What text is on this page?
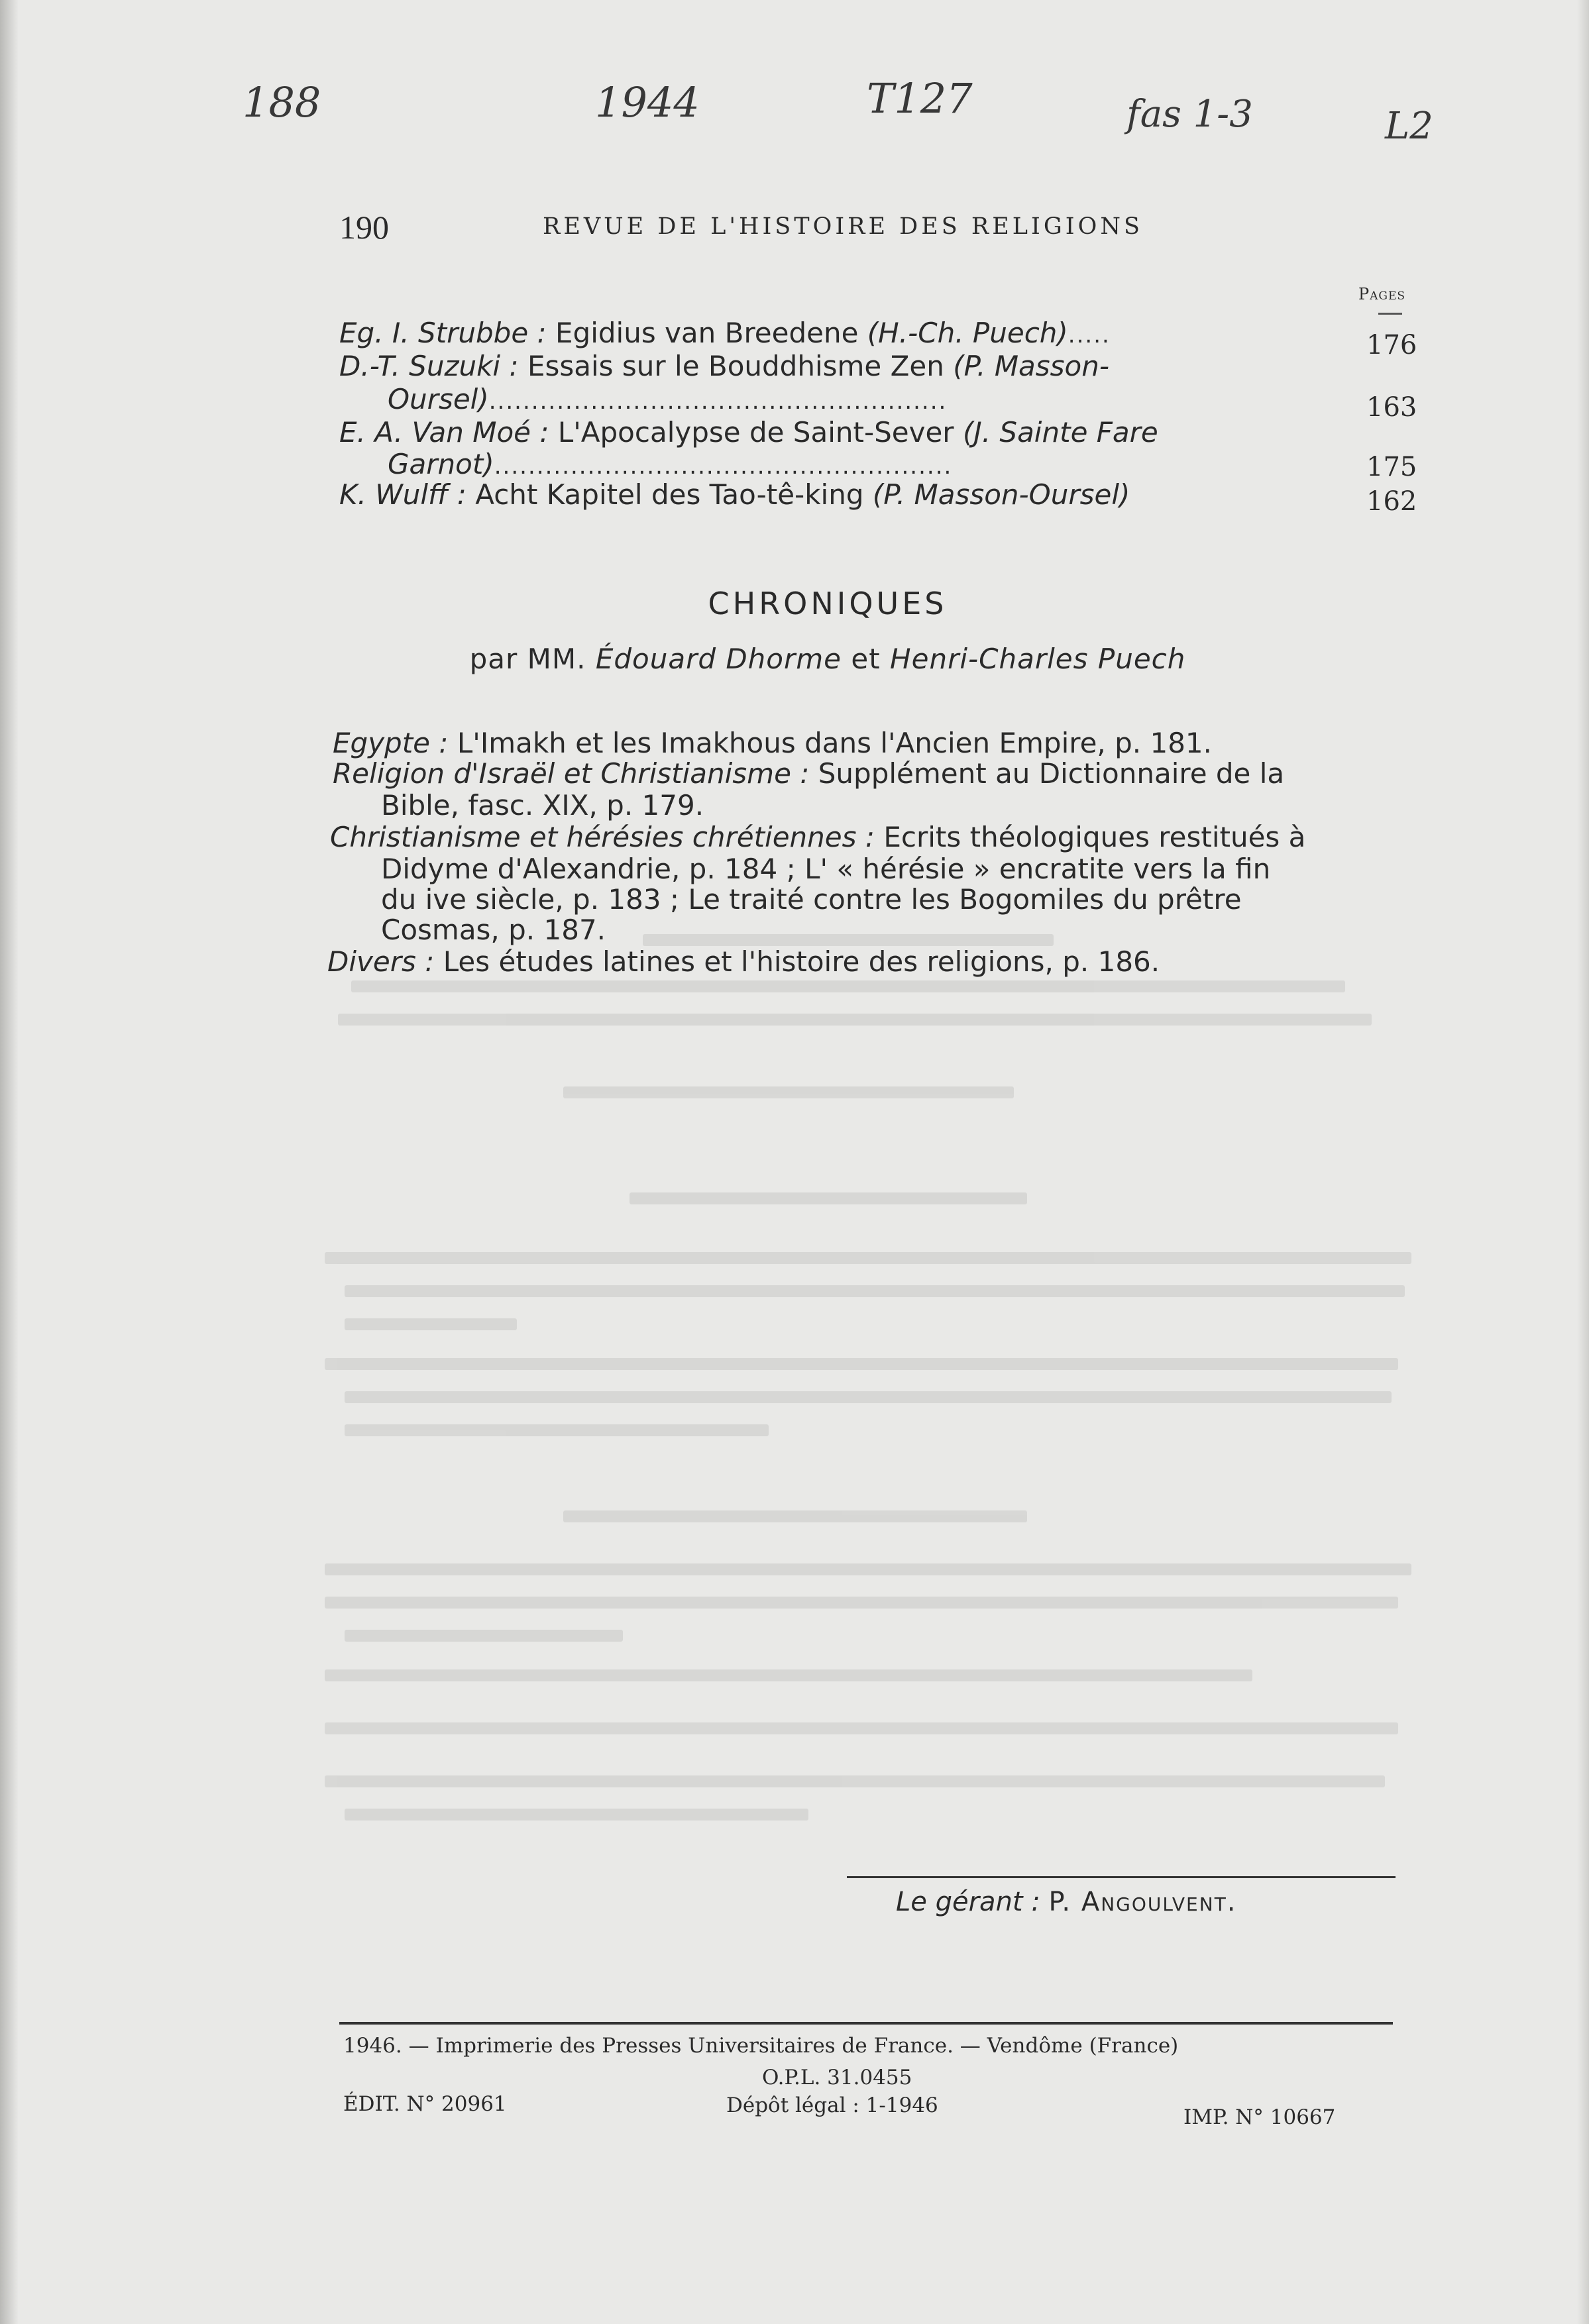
188	1944	T127	fas 1-3	L2
190	REVUE DE L'HISTOIRE DES RELIGIONS
Pages
Eg. I. Strubbe : Egidius van Breedene (H.-Ch. Puech).....	176
D.-T. Suzuki : Essais sur le Bouddhisme Zen (P. Masson-
Oursel)......................................................	163
E. A. Van Moé : L'Apocalypse de Saint-Sever (J. Sainte Fare
Garnot)......................................................	175
K. Wulff : Acht Kapitel des Tao-tê-king (P. Masson-Oursel)	162
CHRONIQUES
par MM. Édouard Dhorme et Henri-Charles Puech
Egypte : L'Imakh et les Imakhous dans l'Ancien Empire, p. 181.
Religion d'Israël et Christianisme : Supplément au Dictionnaire de la
Bible, fasc. XIX, p. 179.
Christianisme et hérésies chrétiennes : Ecrits théologiques restitués à
Didyme d'Alexandrie, p. 184 ; L' « hérésie » encratite vers la fin
du ive siècle, p. 183 ; Le traité contre les Bogomiles du prêtre
Cosmas, p. 187.
Divers : Les études latines et l'histoire des religions, p. 186.
Le gérant : P. Angoulvent.
1946. — Imprimerie des Presses Universitaires de France. — Vendôme (France)
O.P.L. 31.0455
ÉDIT. N° 20961	Dépôt légal : 1-1946	IMP. N° 10667
